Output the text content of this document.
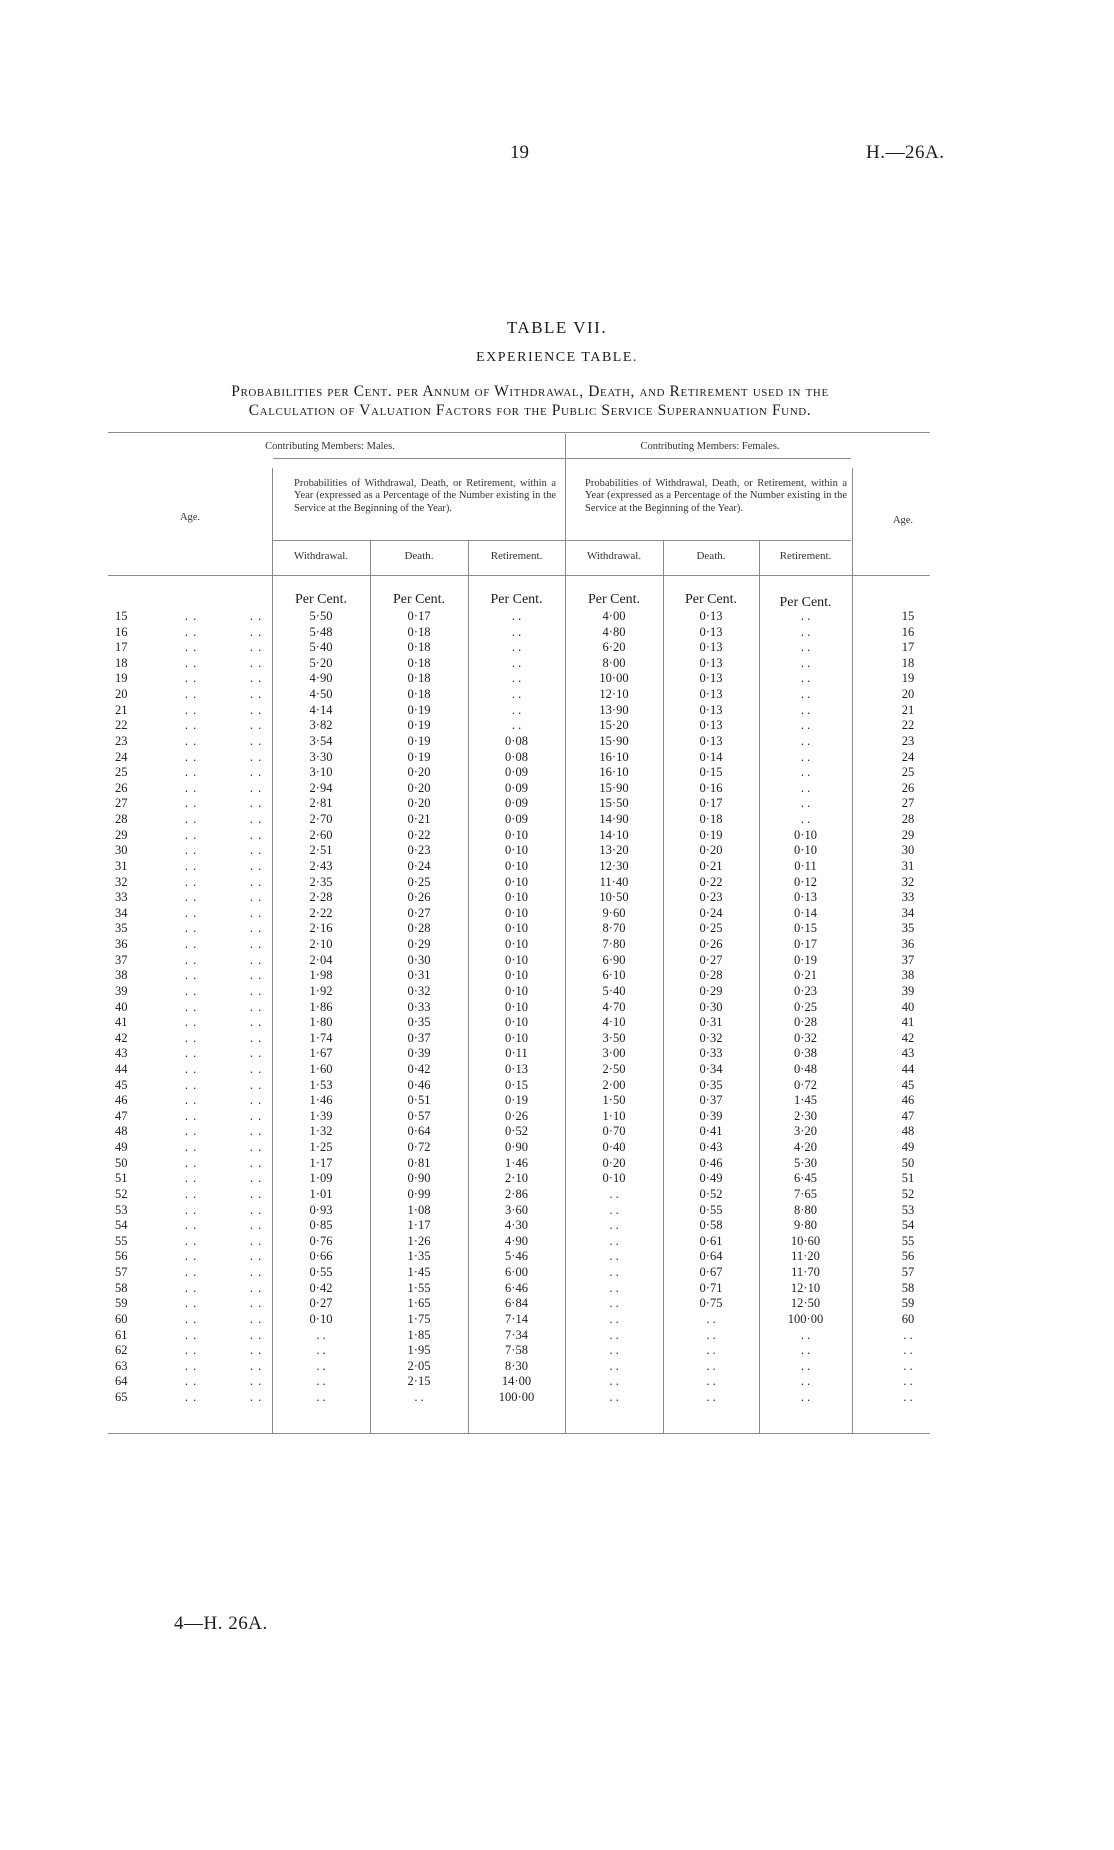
19	H.—26A.
TABLE VII.
EXPERIENCE TABLE.
Probabilities per Cent. per Annum of Withdrawal, Death, and Retirement used in the
Calculation of Valuation Factors for the Public Service Superannuation Fund.
Contributing Members: Males.	Contributing Members: Females.
Age.	Age.
Probabilities of Withdrawal, Death, or Retirement, within a Year (expressed as a Percentage of the Number existing in the Service at the Beginning of the Year).
Probabilities of Withdrawal, Death, or Retirement, within a Year (expressed as a Percentage of the Number existing in the Service at the Beginning of the Year).
Withdrawal.	Death.	Retirement.	Withdrawal.	Death.	Retirement.
Per Cent.	Per Cent.	Per Cent.	Per Cent.	Per Cent.	Per Cent.
15	. .	. .	5·50	0·17	. .	4·00	0·13	. .	15
16	. .	. .	5·48	0·18	. .	4·80	0·13	. .	16
17	. .	. .	5·40	0·18	. .	6·20	0·13	. .	17
18	. .	. .	5·20	0·18	. .	8·00	0·13	. .	18
19	. .	. .	4·90	0·18	. .	10·00	0·13	. .	19
20	. .	. .	4·50	0·18	. .	12·10	0·13	. .	20
21	. .	. .	4·14	0·19	. .	13·90	0·13	. .	21
22	. .	. .	3·82	0·19	. .	15·20	0·13	. .	22
23	. .	. .	3·54	0·19	0·08	15·90	0·13	. .	23
24	. .	. .	3·30	0·19	0·08	16·10	0·14	. .	24
25	. .	. .	3·10	0·20	0·09	16·10	0·15	. .	25
26	. .	. .	2·94	0·20	0·09	15·90	0·16	. .	26
27	. .	. .	2·81	0·20	0·09	15·50	0·17	. .	27
28	. .	. .	2·70	0·21	0·09	14·90	0·18	. .	28
29	. .	. .	2·60	0·22	0·10	14·10	0·19	0·10	29
30	. .	. .	2·51	0·23	0·10	13·20	0·20	0·10	30
31	. .	. .	2·43	0·24	0·10	12·30	0·21	0·11	31
32	. .	. .	2·35	0·25	0·10	11·40	0·22	0·12	32
33	. .	. .	2·28	0·26	0·10	10·50	0·23	0·13	33
34	. .	. .	2·22	0·27	0·10	9·60	0·24	0·14	34
35	. .	. .	2·16	0·28	0·10	8·70	0·25	0·15	35
36	. .	. .	2·10	0·29	0·10	7·80	0·26	0·17	36
37	. .	. .	2·04	0·30	0·10	6·90	0·27	0·19	37
38	. .	. .	1·98	0·31	0·10	6·10	0·28	0·21	38
39	. .	. .	1·92	0·32	0·10	5·40	0·29	0·23	39
40	. .	. .	1·86	0·33	0·10	4·70	0·30	0·25	40
41	. .	. .	1·80	0·35	0·10	4·10	0·31	0·28	41
42	. .	. .	1·74	0·37	0·10	3·50	0·32	0·32	42
43	. .	. .	1·67	0·39	0·11	3·00	0·33	0·38	43
44	. .	. .	1·60	0·42	0·13	2·50	0·34	0·48	44
45	. .	. .	1·53	0·46	0·15	2·00	0·35	0·72	45
46	. .	. .	1·46	0·51	0·19	1·50	0·37	1·45	46
47	. .	. .	1·39	0·57	0·26	1·10	0·39	2·30	47
48	. .	. .	1·32	0·64	0·52	0·70	0·41	3·20	48
49	. .	. .	1·25	0·72	0·90	0·40	0·43	4·20	49
50	. .	. .	1·17	0·81	1·46	0·20	0·46	5·30	50
51	. .	. .	1·09	0·90	2·10	0·10	0·49	6·45	51
52	. .	. .	1·01	0·99	2·86	. .	0·52	7·65	52
53	. .	. .	0·93	1·08	3·60	. .	0·55	8·80	53
54	. .	. .	0·85	1·17	4·30	. .	0·58	9·80	54
55	. .	. .	0·76	1·26	4·90	. .	0·61	10·60	55
56	. .	. .	0·66	1·35	5·46	. .	0·64	11·20	56
57	. .	. .	0·55	1·45	6·00	. .	0·67	11·70	57
58	. .	. .	0·42	1·55	6·46	. .	0·71	12·10	58
59	. .	. .	0·27	1·65	6·84	. .	0·75	12·50	59
60	. .	. .	0·10	1·75	7·14	. .	. .	100·00	60
61	. .	. .	. .	1·85	7·34	. .	. .	. .	. .
62	. .	. .	. .	1·95	7·58	. .	. .	. .	. .
63	. .	. .	. .	2·05	8·30	. .	. .	. .	. .
64	. .	. .	. .	2·15	14·00	. .	. .	. .	. .
65	. .	. .	. .	. .	100·00	. .	. .	. .	. .
4—H. 26A.
